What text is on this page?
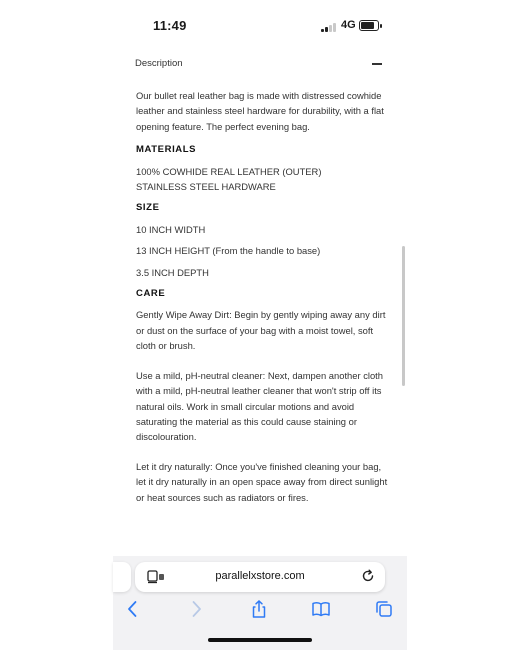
11:49	4G
Description

Our bullet real leather bag is made with distressed cowhide leather and stainless steel hardware for durability, with a flat opening feature. The perfect evening bag.

MATERIALS

100% COWHIDE REAL LEATHER (OUTER)

STAINLESS STEEL HARDWARE

SIZE

10 INCH WIDTH

13 INCH HEIGHT (From the handle to base)

3.5 INCH DEPTH

CARE

Gently Wipe Away Dirt: Begin by gently wiping away any dirt or dust on the surface of your bag with a moist towel, soft cloth or brush.

Use a mild, pH-neutral cleaner: Next, dampen another cloth with a mild, pH-neutral leather cleaner that won't strip off its natural oils. Work in small circular motions and avoid saturating the material as this could cause staining or discolouration.

Let it dry naturally: Once you've finished cleaning your bag, let it dry naturally in an open space away from direct sunlight or heat sources such as radiators or fires.

parallelxstore.com
